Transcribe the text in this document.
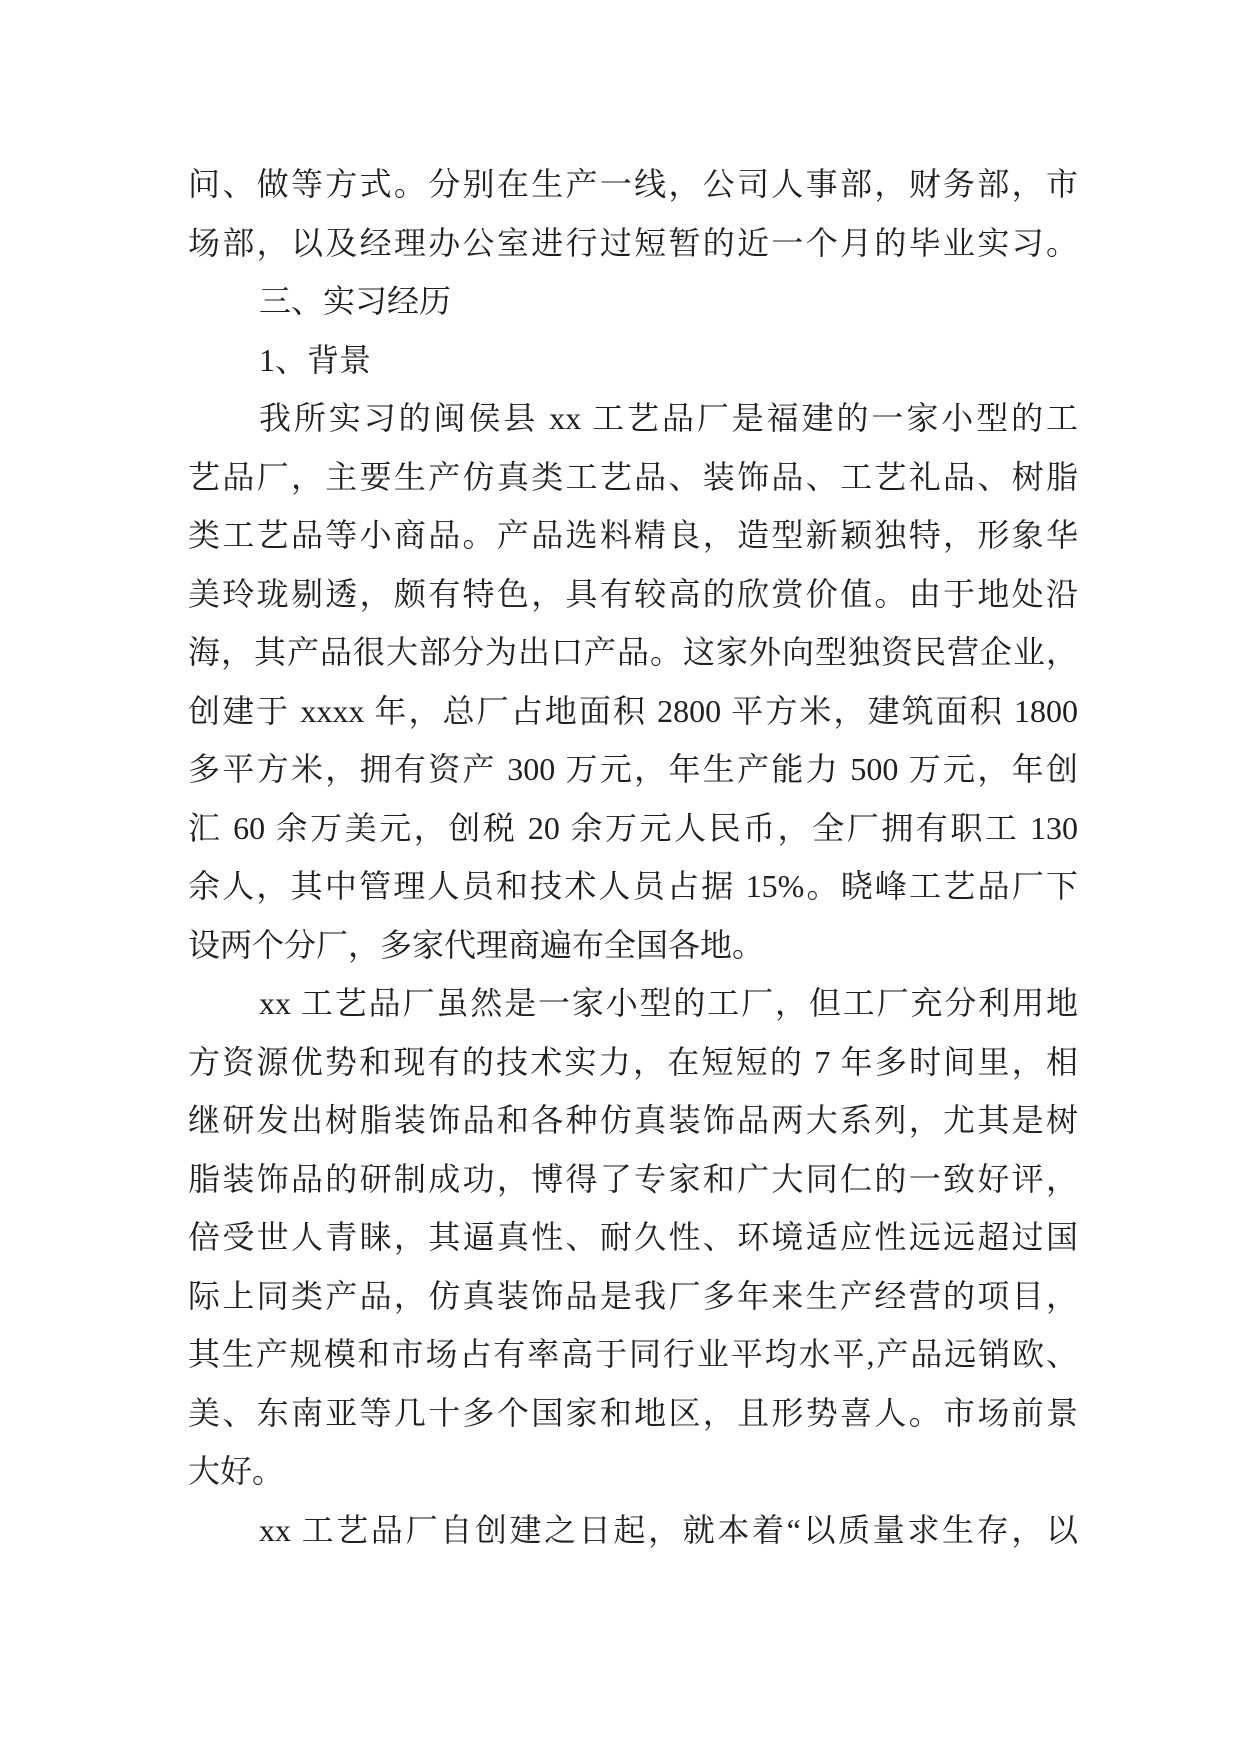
问、做等方式。分别在生产一线，公司人事部，财务部，市
场部，以及经理办公室进行过短暂的近一个月的毕业实习。
三、实习经历
1、背景
我所实习的闽侯县 xx 工艺品厂是福建的一家小型的工
艺品厂，主要生产仿真类工艺品、装饰品、工艺礼品、树脂
类工艺品等小商品。产品选料精良，造型新颖独特，形象华
美玲珑剔透，颇有特色，具有较高的欣赏价值。由于地处沿
海，其产品很大部分为出口产品。这家外向型独资民营企业，
创建于 xxxx 年，总厂占地面积 2800 平方米，建筑面积 1800
多平方米，拥有资产 300 万元，年生产能力 500 万元，年创
汇 60 余万美元，创税 20 余万元人民币，全厂拥有职工 130
余人，其中管理人员和技术人员占据 15%。晓峰工艺品厂下
设两个分厂，多家代理商遍布全国各地。
xx 工艺品厂虽然是一家小型的工厂，但工厂充分利用地
方资源优势和现有的技术实力，在短短的 7 年多时间里，相
继研发出树脂装饰品和各种仿真装饰品两大系列，尤其是树
脂装饰品的研制成功，博得了专家和广大同仁的一致好评，
倍受世人青睐，其逼真性、耐久性、环境适应性远远超过国
际上同类产品，仿真装饰品是我厂多年来生产经营的项目，
其生产规模和市场占有率高于同行业平均水平,产品远销欧、
美、东南亚等几十多个国家和地区，且形势喜人。市场前景
大好。
xx 工艺品厂自创建之日起，就本着“以质量求生存，以
